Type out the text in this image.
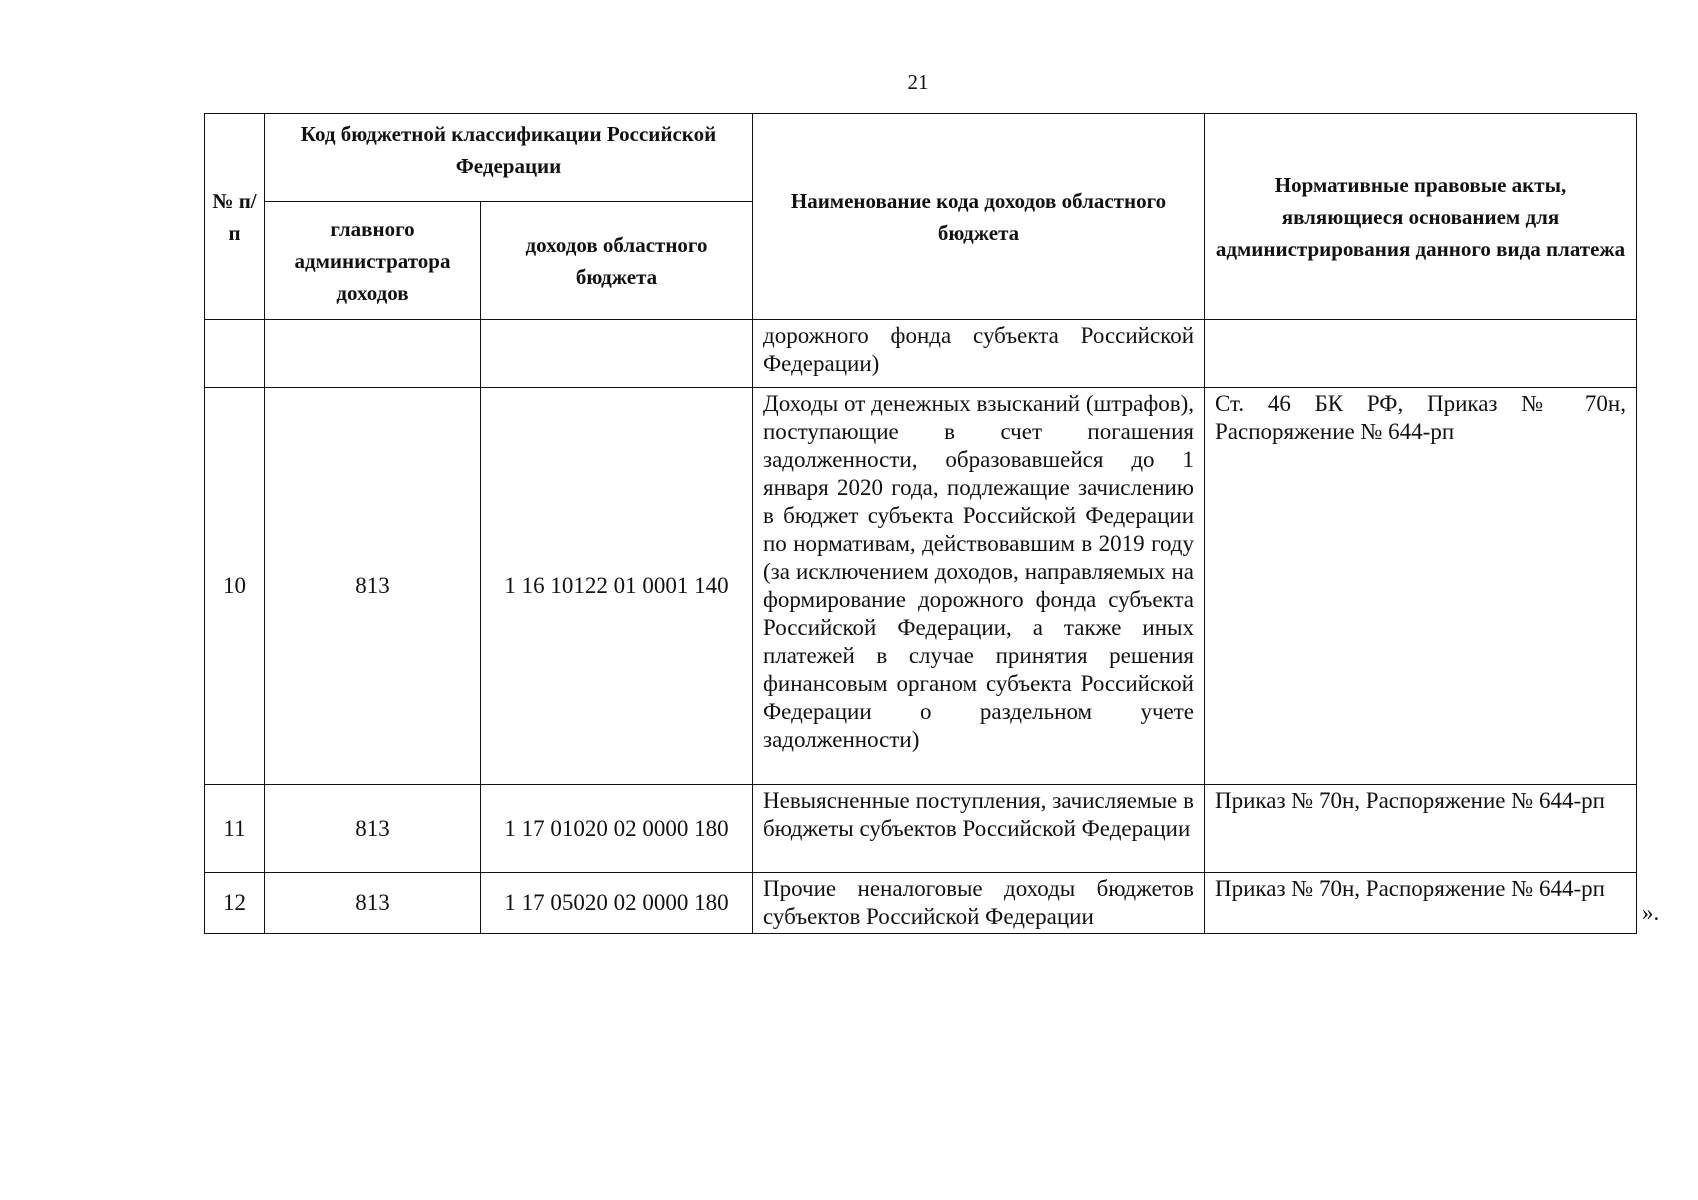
21
№ п/п	Код бюджетной классификации Российской Федерации		Наименование кода доходов областного бюджета	Нормативные правовые акты, являющиеся основанием для администрирования данного вида платежа
	главного администратора доходов	доходов областного бюджета		
			дорожного фонда субъекта Российской Федерации)	
10	813	1 16 10122 01 0001 140	Доходы от денежных взысканий (штрафов), поступающие в счет погашения задолженности, образовавшейся до 1 января 2020 года, подлежащие зачислению в бюджет субъекта Российской Федерации по нормативам, действовавшим в 2019 году (за исключением доходов, направляемых на формирование дорожного фонда субъекта Российской Федерации, а также иных платежей в случае принятия решения финансовым органом субъекта Российской Федерации о раздельном учете задолженности)	Ст. 46 БК РФ, Приказ № 70н, Распоряжение № 644-рп
11	813	1 17 01020 02 0000 180	Невыясненные поступления, зачисляемые в бюджеты субъектов Российской Федерации	Приказ № 70н, Распоряжение № 644-рп
12	813	1 17 05020 02 0000 180	Прочие неналоговые доходы бюджетов субъектов Российской Федерации	Приказ № 70н, Распоряжение № 644-рп
».
